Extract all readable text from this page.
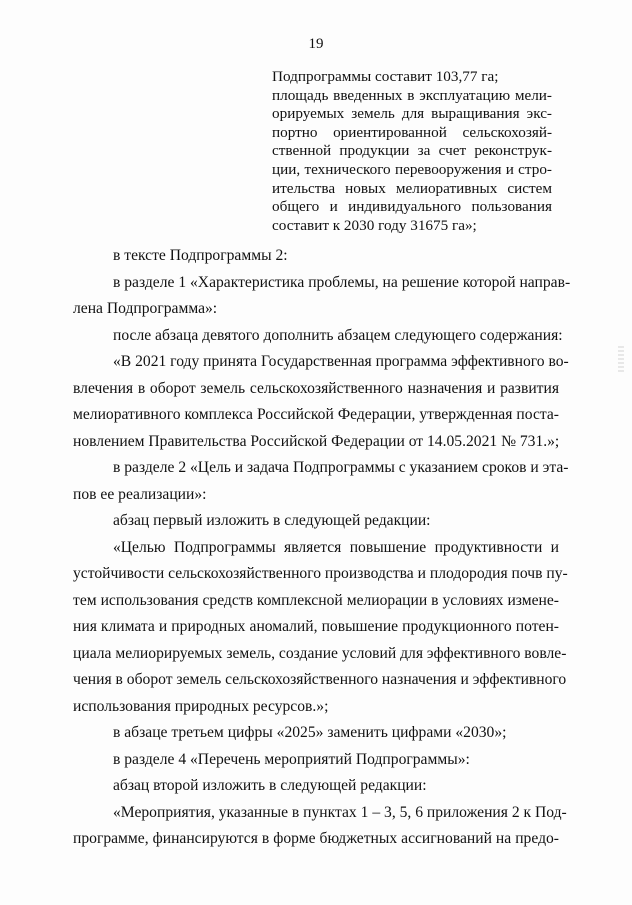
19
Подпрограммы составит 103,77 га;
площадь введенных в эксплуатацию мели-
орируемых земель для выращивания экс-
портно ориентированной сельскохозяй-
ственной продукции за счет реконструк-
ции, технического перевооружения и стро-
ительства новых мелиоративных систем
общего и индивидуального пользования
составит к 2030 году 31675 га»;
в тексте Подпрограммы 2:
в разделе 1 «Характеристика проблемы, на решение которой направ-
лена Подпрограмма»:
после абзаца девятого дополнить абзацем следующего содержания:
«В 2021 году принята Государственная программа эффективного во-
влечения в оборот земель сельскохозяйственного назначения и развития
мелиоративного комплекса Российской Федерации, утвержденная поста-
новлением Правительства Российской Федерации от 14.05.2021 № 731.»;
в разделе 2 «Цель и задача Подпрограммы с указанием сроков и эта-
пов ее реализации»:
абзац первый изложить в следующей редакции:
«Целью Подпрограммы является повышение продуктивности и
устойчивости сельскохозяйственного производства и плодородия почв пу-
тем использования средств комплексной мелиорации в условиях измене-
ния климата и природных аномалий, повышение продукционного потен-
циала мелиорируемых земель, создание условий для эффективного вовле-
чения в оборот земель сельскохозяйственного назначения и эффективного
использования природных ресурсов.»;
в абзаце третьем цифры «2025» заменить цифрами «2030»;
в разделе 4 «Перечень мероприятий Подпрограммы»:
абзац второй изложить в следующей редакции:
«Мероприятия, указанные в пунктах 1 – 3, 5, 6 приложения 2 к Под-
программе, финансируются в форме бюджетных ассигнований на предо-
